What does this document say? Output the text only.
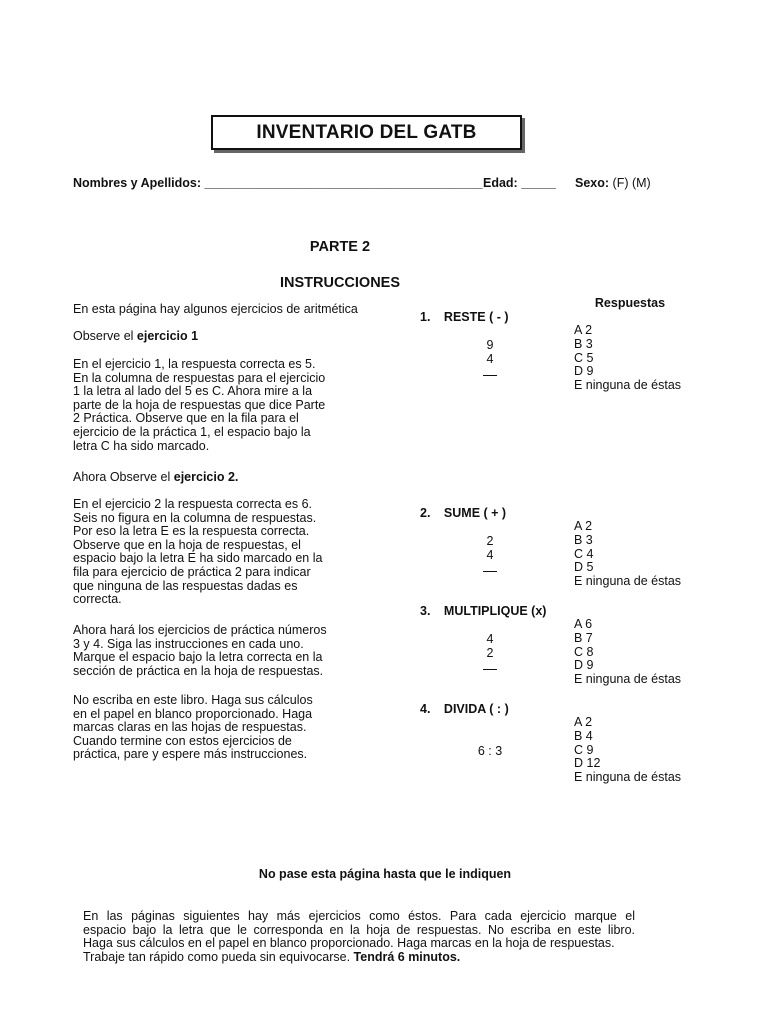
INVENTARIO DEL GATB
Nombres y Apellidos: ________________________________________ Edad: _____ Sexo: (F) (M)
PARTE 2
INSTRUCCIONES
Respuestas
En esta página hay algunos ejercicios de aritmética
Observe el ejercicio 1
En el ejercicio 1, la respuesta correcta es 5.
En la columna de respuestas para el ejercicio
1 la letra al lado del 5 es C. Ahora mire a la
parte de la hoja de respuestas que dice Parte
2 Práctica. Observe que en la fila para el
ejercicio de la práctica 1, el espacio bajo la
letra C ha sido marcado.
Ahora Observe el ejercicio 2.
En el ejercicio 2 la respuesta correcta es 6.
Seis no figura en la columna de respuestas.
Por eso la letra E es la respuesta correcta.
Observe que en la hoja de respuestas, el
espacio bajo la letra E ha sido marcado en la
fila para ejercicio de práctica 2 para indicar
que ninguna de las respuestas dadas es
correcta.
Ahora hará los ejercicios de práctica números
3 y 4. Siga las instrucciones en cada uno.
Marque el espacio bajo la letra correcta en la
sección de práctica en la hoja de respuestas.
No escriba en este libro. Haga sus cálculos
en el papel en blanco proporcionado. Haga
marcas claras en las hojas de respuestas.
Cuando termine con estos ejercicios de
práctica, pare y espere más instrucciones.
1. RESTE ( - )
9
4
A 2
B 3
C 5
D 9
E ninguna de éstas
2. SUME ( + )
2
4
A 2
B 3
C 4
D 5
E ninguna de éstas
3. MULTIPLIQUE (x)
4
2
A 6
B 7
C 8
D 9
E ninguna de éstas
4. DIVIDA ( : )
6 : 3
A 2
B 4
C 9
D 12
E ninguna de éstas
No pase esta página hasta que le indiquen
En las páginas siguientes hay más ejercicios como éstos. Para cada ejercicio marque el
espacio bajo la letra que le corresponda en la hoja de respuestas. No escriba en este libro.
Haga sus cálculos en el papel en blanco proporcionado. Haga marcas en la hoja de respuestas.
Trabaje tan rápido como pueda sin equivocarse. Tendrá 6 minutos.
